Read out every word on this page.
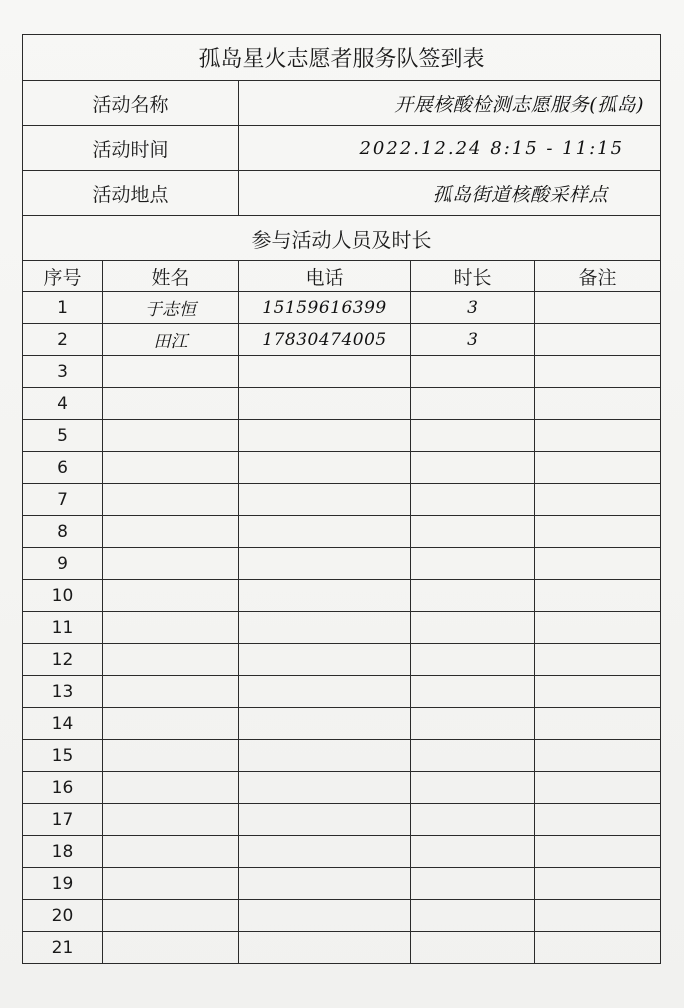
孤岛星火志愿者服务队签到表				
活动名称		开展核酸检测志愿服务(孤岛)		
活动时间		2022.12.24 8:15 - 11:15		
活动地点		孤岛街道核酸采样点		
参与活动人员及时长				
序号	姓名	电话	时长	备注
1	于志恒	15159616399	3	
2	田江	17830474005	3	
3				
4				
5				
6				
7				
8				
9				
10				
11				
12				
13				
14				
15				
16				
17				
18				
19				
20				
21				
